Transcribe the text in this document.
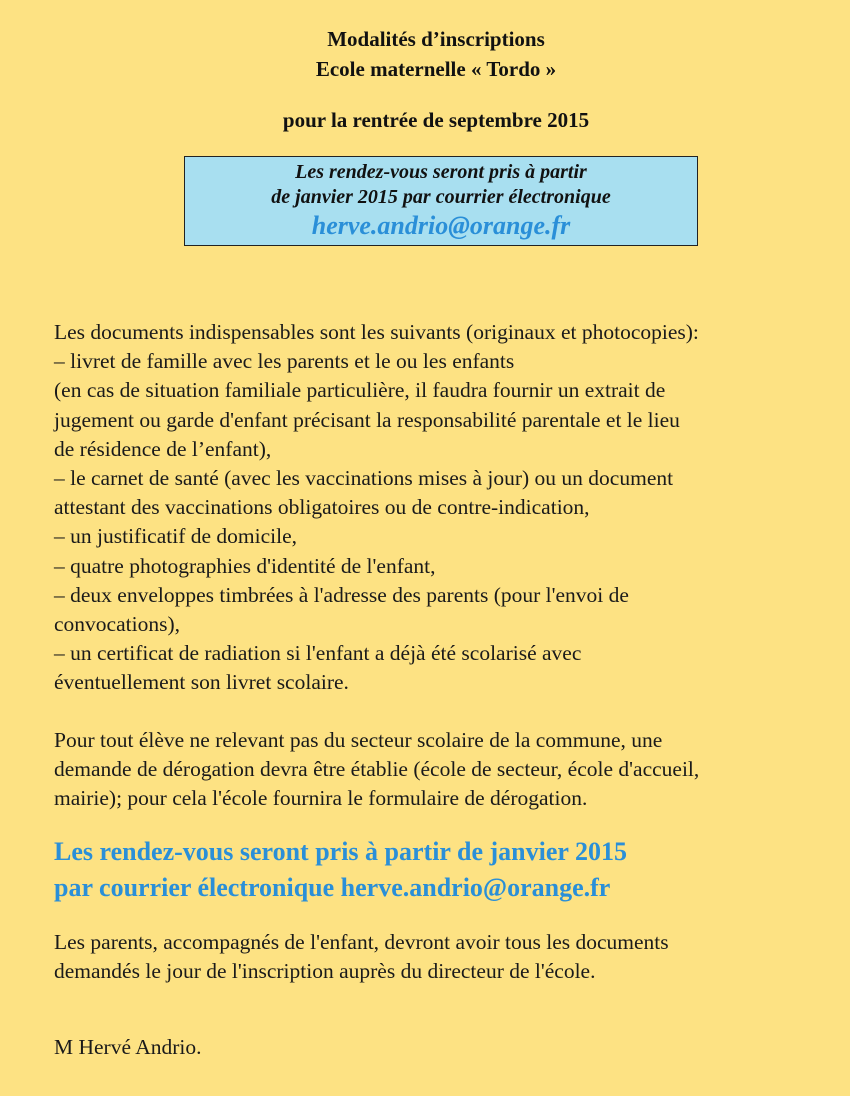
Modalités d’inscriptions
Ecole maternelle « Tordo »
pour la rentrée de septembre 2015
Les rendez-vous seront pris à partir
de janvier 2015 par courrier électronique
herve.andrio@orange.fr

Les documents indispensables sont les suivants (originaux et photocopies):

– livret de famille avec les parents et le ou les enfants

(en cas de situation familiale particulière, il faudra fournir un extrait de

jugement ou garde d'enfant précisant la responsabilité parentale et le lieu

de résidence de l’enfant),

– le carnet de santé (avec les vaccinations mises à jour) ou un document

attestant des vaccinations obligatoires ou de contre-indication,

– un justificatif de domicile,

– quatre photographies d'identité de l'enfant,

– deux enveloppes timbrées à l'adresse des parents (pour l'envoi de

convocations),

– un certificat de radiation si l'enfant a déjà été scolarisé avec

éventuellement son livret scolaire.

Pour tout élève ne relevant pas du secteur scolaire de la commune, une

demande de dérogation devra être établie (école de secteur, école d'accueil,

mairie); pour cela l'école fournira le formulaire de dérogation.

Les rendez-vous seront pris à partir de janvier 2015

par courrier électronique herve.andrio@orange.fr

Les parents, accompagnés de l'enfant, devront avoir tous les documents

demandés le jour de l'inscription auprès du directeur de l'école.

M Hervé Andrio.
